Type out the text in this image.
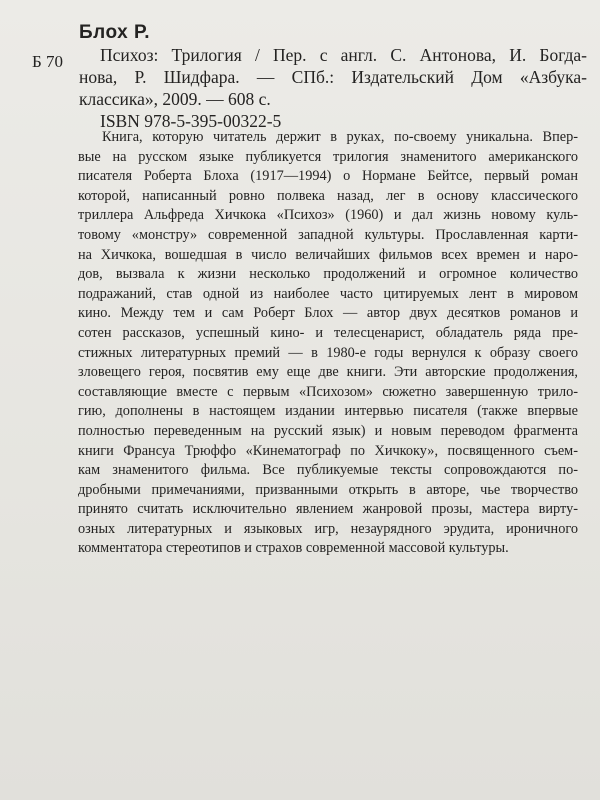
Блох Р.
Б 70	Психоз: Трилогия / Пер. с англ. С. Антонова, И. Богда-
нова, Р. Шидфара. — СПб.: Издательский Дом «Азбука-
классика», 2009. — 608 с.
ISBN 978-5-395-00322-5
Книга, которую читатель держит в руках, по-своему уникальна. Впер-
вые на русском языке публикуется трилогия знаменитого американского
писателя Роберта Блоха (1917—1994) о Нормане Бейтсе, первый роман
которой, написанный ровно полвека назад, лег в основу классического
триллера Альфреда Хичкока «Психоз» (1960) и дал жизнь новому куль-
товому «монстру» современной западной культуры. Прославленная карти-
на Хичкока, вошедшая в число величайших фильмов всех времен и наро-
дов, вызвала к жизни несколько продолжений и огромное количество
подражаний, став одной из наиболее часто цитируемых лент в мировом
кино. Между тем и сам Роберт Блох — автор двух десятков романов и
сотен рассказов, успешный кино- и телесценарист, обладатель ряда пре-
стижных литературных премий — в 1980-е годы вернулся к образу своего
зловещего героя, посвятив ему еще две книги. Эти авторские продолжения,
составляющие вместе с первым «Психозом» сюжетно завершенную трило-
гию, дополнены в настоящем издании интервью писателя (также впервые
полностью переведенным на русский язык) и новым переводом фрагмента
книги Франсуа Трюффо «Кинематограф по Хичкоку», посвященного съем-
кам знаменитого фильма. Все публикуемые тексты сопровождаются по-
дробными примечаниями, призванными открыть в авторе, чье творчество
принято считать исключительно явлением жанровой прозы, мастера вирту-
озных литературных и языковых игр, незаурядного эрудита, ироничного
комментатора стереотипов и страхов современной массовой культуры.
